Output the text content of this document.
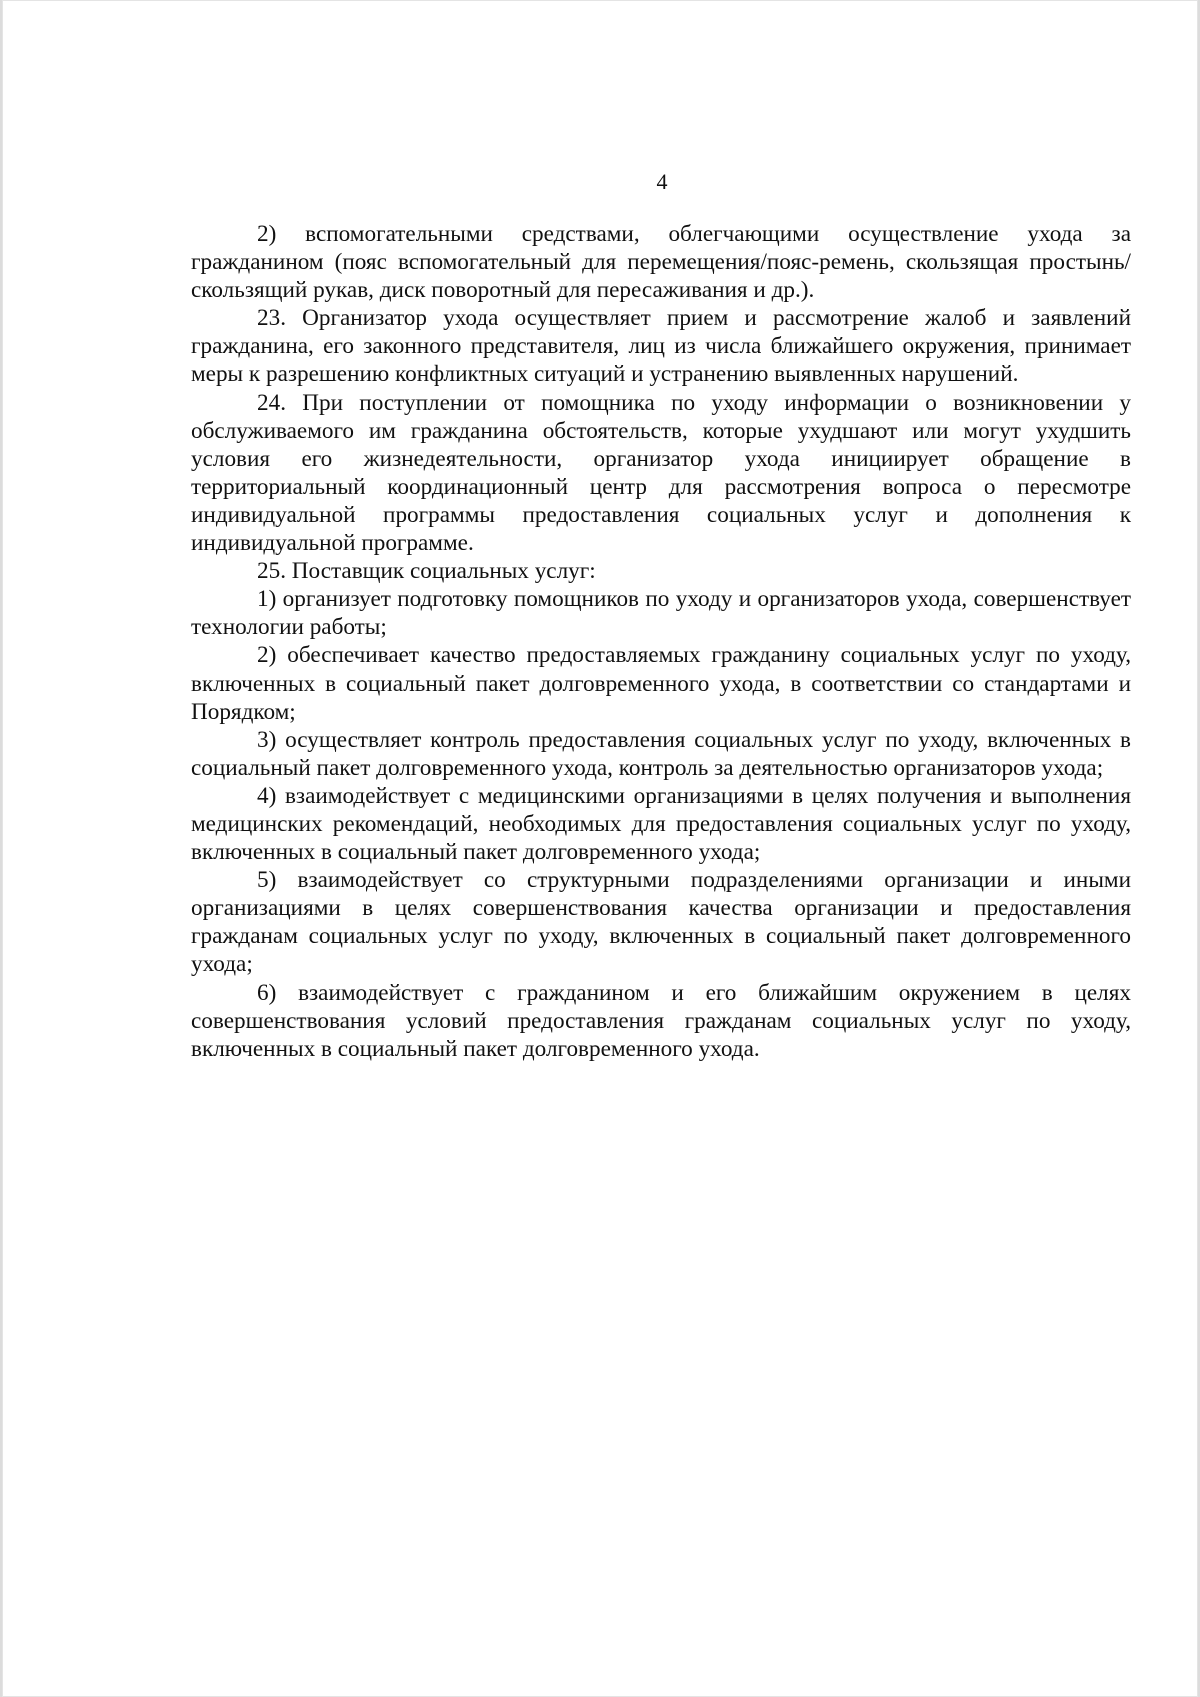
4

2) вспомогательными средствами, облегчающими осуществление ухода за гражданином (пояс вспомогательный для перемещения/пояс-ремень, скользящая простынь/скользящий рукав, диск поворотный для пересаживания и др.).

23. Организатор ухода осуществляет прием и рассмотрение жалоб и заявлений гражданина, его законного представителя, лиц из числа ближайшего окружения, принимает меры к разрешению конфликтных ситуаций и устранению выявленных нарушений.

24. При поступлении от помощника по уходу информации о возникновении у обслуживаемого им гражданина обстоятельств, которые ухудшают или могут ухудшить условия его жизнедеятельности, организатор ухода инициирует обращение в территориальный координационный центр для рассмотрения вопроса о пересмотре индивидуальной программы предоставления социальных услуг и дополнения к индивидуальной программе.

25. Поставщик социальных услуг:

1) организует подготовку помощников по уходу и организаторов ухода, совершенствует технологии работы;

2) обеспечивает качество предоставляемых гражданину социальных услуг по уходу, включенных в социальный пакет долговременного ухода, в соответствии со стандартами и Порядком;

3) осуществляет контроль предоставления социальных услуг по уходу, включенных в социальный пакет долговременного ухода, контроль за деятельностью организаторов ухода;

4) взаимодействует с медицинскими организациями в целях получения и выполнения медицинских рекомендаций, необходимых для предоставления социальных услуг по уходу, включенных в социальный пакет долговременного ухода;

5) взаимодействует со структурными подразделениями организации и иными организациями в целях совершенствования качества организации и предоставления гражданам социальных услуг по уходу, включенных в социальный пакет долговременного ухода;

6) взаимодействует с гражданином и его ближайшим окружением в целях совершенствования условий предоставления гражданам социальных услуг по уходу, включенных в социальный пакет долговременного ухода.
